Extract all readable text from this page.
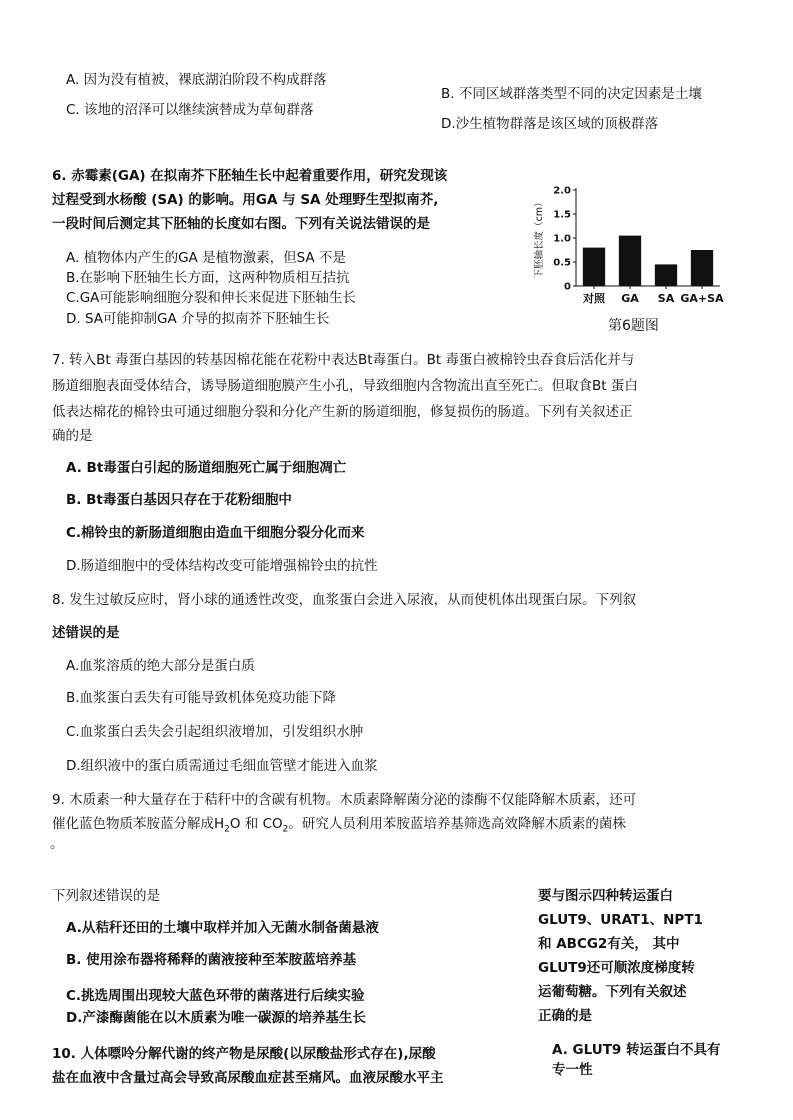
A. 因为没有植被，裸底湖泊阶段不构成群落
C. 该地的沼泽可以继续演替成为草甸群落
B. 不同区域群落类型不同的决定因素是土壤
D.沙生植物群落是该区域的顶极群落
6. 赤霉素(GA) 在拟南芥下胚轴生长中起着重要作用，研究发现该
过程受到水杨酸 (SA) 的影响。用GA 与 SA 处理野生型拟南芥,
一段时间后测定其下胚轴的长度如右图。下列有关说法错误的是
A. 植物体内产生的GA 是植物激素，但SA 不是
B.在影响下胚轴生长方面，这两种物质相互拮抗
C.GA可能影响细胞分裂和伸长来促进下胚轴生长
D. SA可能抑制GA 介导的拟南芥下胚轴生长
0
0.5
1.0
1.5
2.0
下胚轴长度（cm）
对照 GA SA GA+SA
第6题图
7. 转入Bt 毒蛋白基因的转基因棉花能在花粉中表达Bt毒蛋白。Bt 毒蛋白被棉铃虫吞食后活化并与
肠道细胞表面受体结合，诱导肠道细胞膜产生小孔，导致细胞内含物流出直至死亡。但取食Bt 蛋白
低表达棉花的棉铃虫可通过细胞分裂和分化产生新的肠道细胞，修复损伤的肠道。下列有关叙述正
确的是
A. Bt毒蛋白引起的肠道细胞死亡属于细胞凋亡
B. Bt毒蛋白基因只存在于花粉细胞中
C.棉铃虫的新肠道细胞由造血干细胞分裂分化而来
D.肠道细胞中的受体结构改变可能增强棉铃虫的抗性
8. 发生过敏反应时，肾小球的通透性改变，血浆蛋白会进入尿液，从而使机体出现蛋白尿。下列叙
述错误的是
A.血浆溶质的绝大部分是蛋白质
B.血浆蛋白丢失有可能导致机体免疫功能下降
C.血浆蛋白丢失会引起组织液增加，引发组织水肿
D.组织液中的蛋白质需通过毛细血管壁才能进入血浆
9. 木质素一种大量存在于秸秆中的含碳有机物。木质素降解菌分泌的漆酶不仅能降解木质素，还可
催化蓝色物质苯胺蓝分解成$H_2O$ 和 $CO_2$。研究人员利用苯胺蓝培养基筛选高效降解木质素的菌株
。
下列叙述错误的是
A.从秸秆还田的土壤中取样并加入无菌水制备菌悬液
B. 使用涂布器将稀释的菌液接种至苯胺蓝培养基
C.挑选周围出现较大蓝色环带的菌落进行后续实验
D.产漆酶菌能在以木质素为唯一碳源的培养基生长
要与图示四种转运蛋白
GLUT9、URAT1、NPT1
和 ABCG2有关， 其中
GLUT9还可顺浓度梯度转
运葡萄糖。下列有关叙述
正确的是
A. GLUT9 转运蛋白不具有
专一性
10. 人体嘌呤分解代谢的终产物是尿酸(以尿酸盐形式存在),尿酸
盐在血液中含量过高会导致高尿酸血症甚至痛风。血液尿酸水平主
